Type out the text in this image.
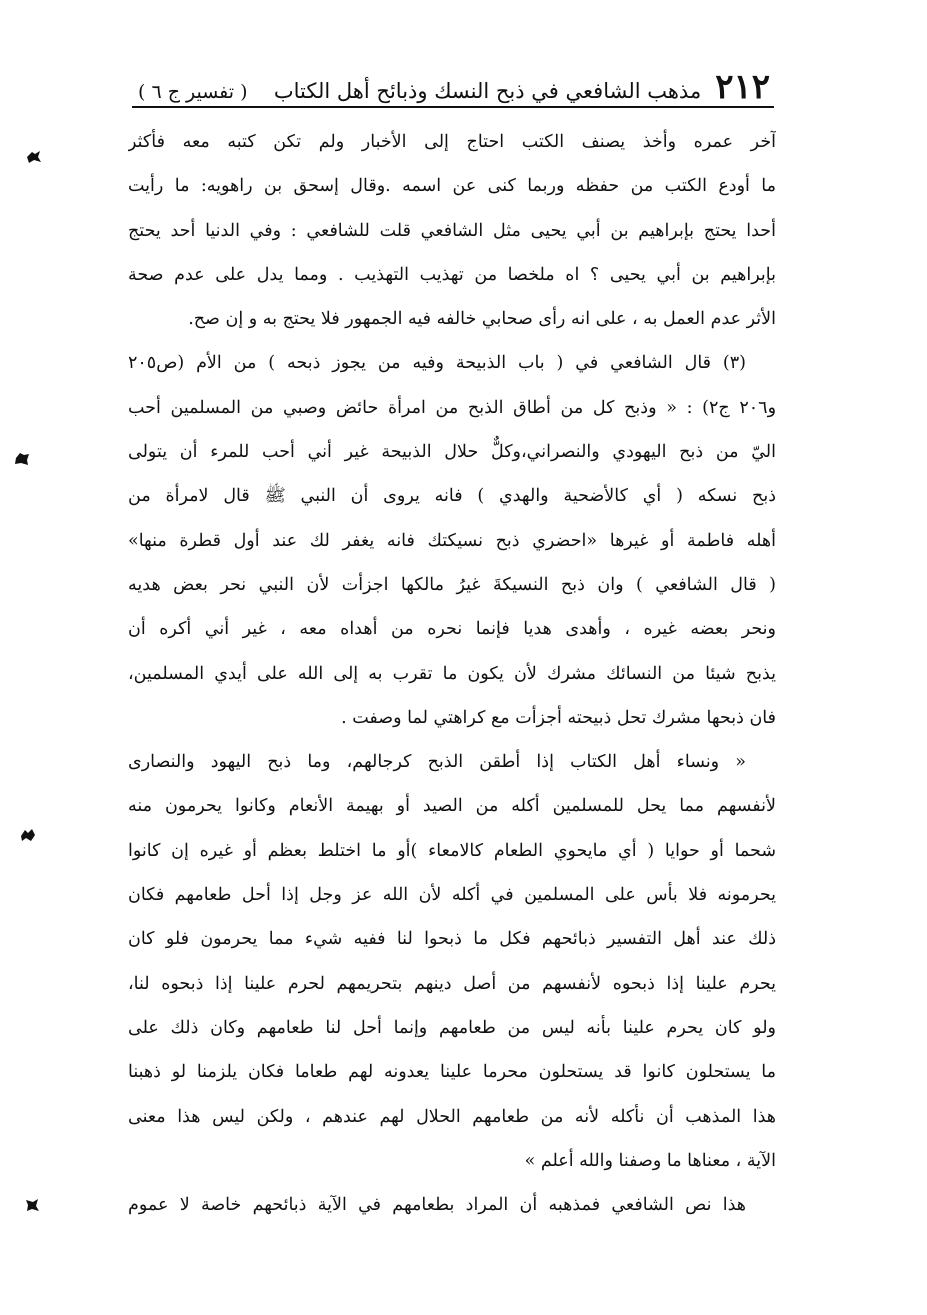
٢١٢
مذهب الشافعي في ذبح النسك وذبائح أهل الكتاب
( تفسير ج ٦ )
آخر عمره وأخذ يصنف الكتب احتاج إلى الأخبار ولم تكن كتبه معه فأكثر
ما أودع الكتب من حفظه وربما كنى عن اسمه .وقال إسحق بن راهويه: ما رأيت
أحدا يحتج بإبراهيم بن أبي يحيى مثل الشافعي قلت للشافعي : وفي الدنيا أحد يحتج
بإبراهيم بن أبي يحيى ؟ اه ملخصا من تهذيب التهذيب . ومما يدل على عدم صحة
الأثر عدم العمل به ، على انه رأى صحابي خالفه فيه الجمهور فلا يحتج به و إن صح.
(٣) قال الشافعي في ( باب الذبيحة وفيه من يجوز ذبحه ) من الأم (ص٢٠٥
و٢٠٦ ج٢) : « وذبح كل من أطاق الذبح من امرأة حائض وصبي من المسلمين أحب
اليّ من ذبح اليهودي والنصراني،وكلٌّ حلال الذبيحة غير أني أحب للمرء أن يتولى
ذبح نسكه ( أي كالأضحية والهدي ) فانه يروى أن النبي ﷺ قال لامرأة من
أهله فاطمة أو غيرها «احضري ذبح نسيكتك فانه يغفر لك عند أول قطرة منها»
( قال الشافعي ) وان ذبح النسيكةَ غيرُ مالكها اجزأت لأن النبي نحر بعض هديه
ونحر بعضه غيره ، وأهدى هديا فإنما نحره من أهداه معه ، غير أني أكره أن
يذبح شيئا من النسائك مشرك لأن يكون ما تقرب به إلى الله على أيدي المسلمين،
فان ذبحها مشرك تحل ذبيحته أجزأت مع كراهتي لما وصفت .
« ونساء أهل الكتاب إذا أطقن الذبح كرجالهم، وما ذبح اليهود والنصارى
لأنفسهم مما يحل للمسلمين أكله من الصيد أو بهيمة الأنعام وكانوا يحرمون منه
شحما أو حوايا ( أي مايحوي الطعام كالامعاء )أو ما اختلط بعظم أو غيره إن كانوا
يحرمونه فلا بأس على المسلمين في أكله لأن الله عز وجل إذا أحل طعامهم فكان
ذلك عند أهل التفسير ذبائحهم فكل ما ذبحوا لنا ففيه شيء مما يحرمون فلو كان
يحرم علينا إذا ذبحوه لأنفسهم من أصل دينهم بتحريمهم لحرم علينا إذا ذبحوه لنا،
ولو كان يحرم علينا بأنه ليس من طعامهم وإنما أحل لنا طعامهم وكان ذلك على
ما يستحلون كانوا قد يستحلون محرما علينا يعدونه لهم طعاما فكان يلزمنا لو ذهبنا
هذا المذهب أن نأكله لأنه من طعامهم الحلال لهم عندهم ، ولكن ليس هذا معنى
الآية ، معناها ما وصفنا والله أعلم »
هذا نص الشافعي فمذهبه أن المراد بطعامهم في الآية ذبائحهم خاصة لا عموم
